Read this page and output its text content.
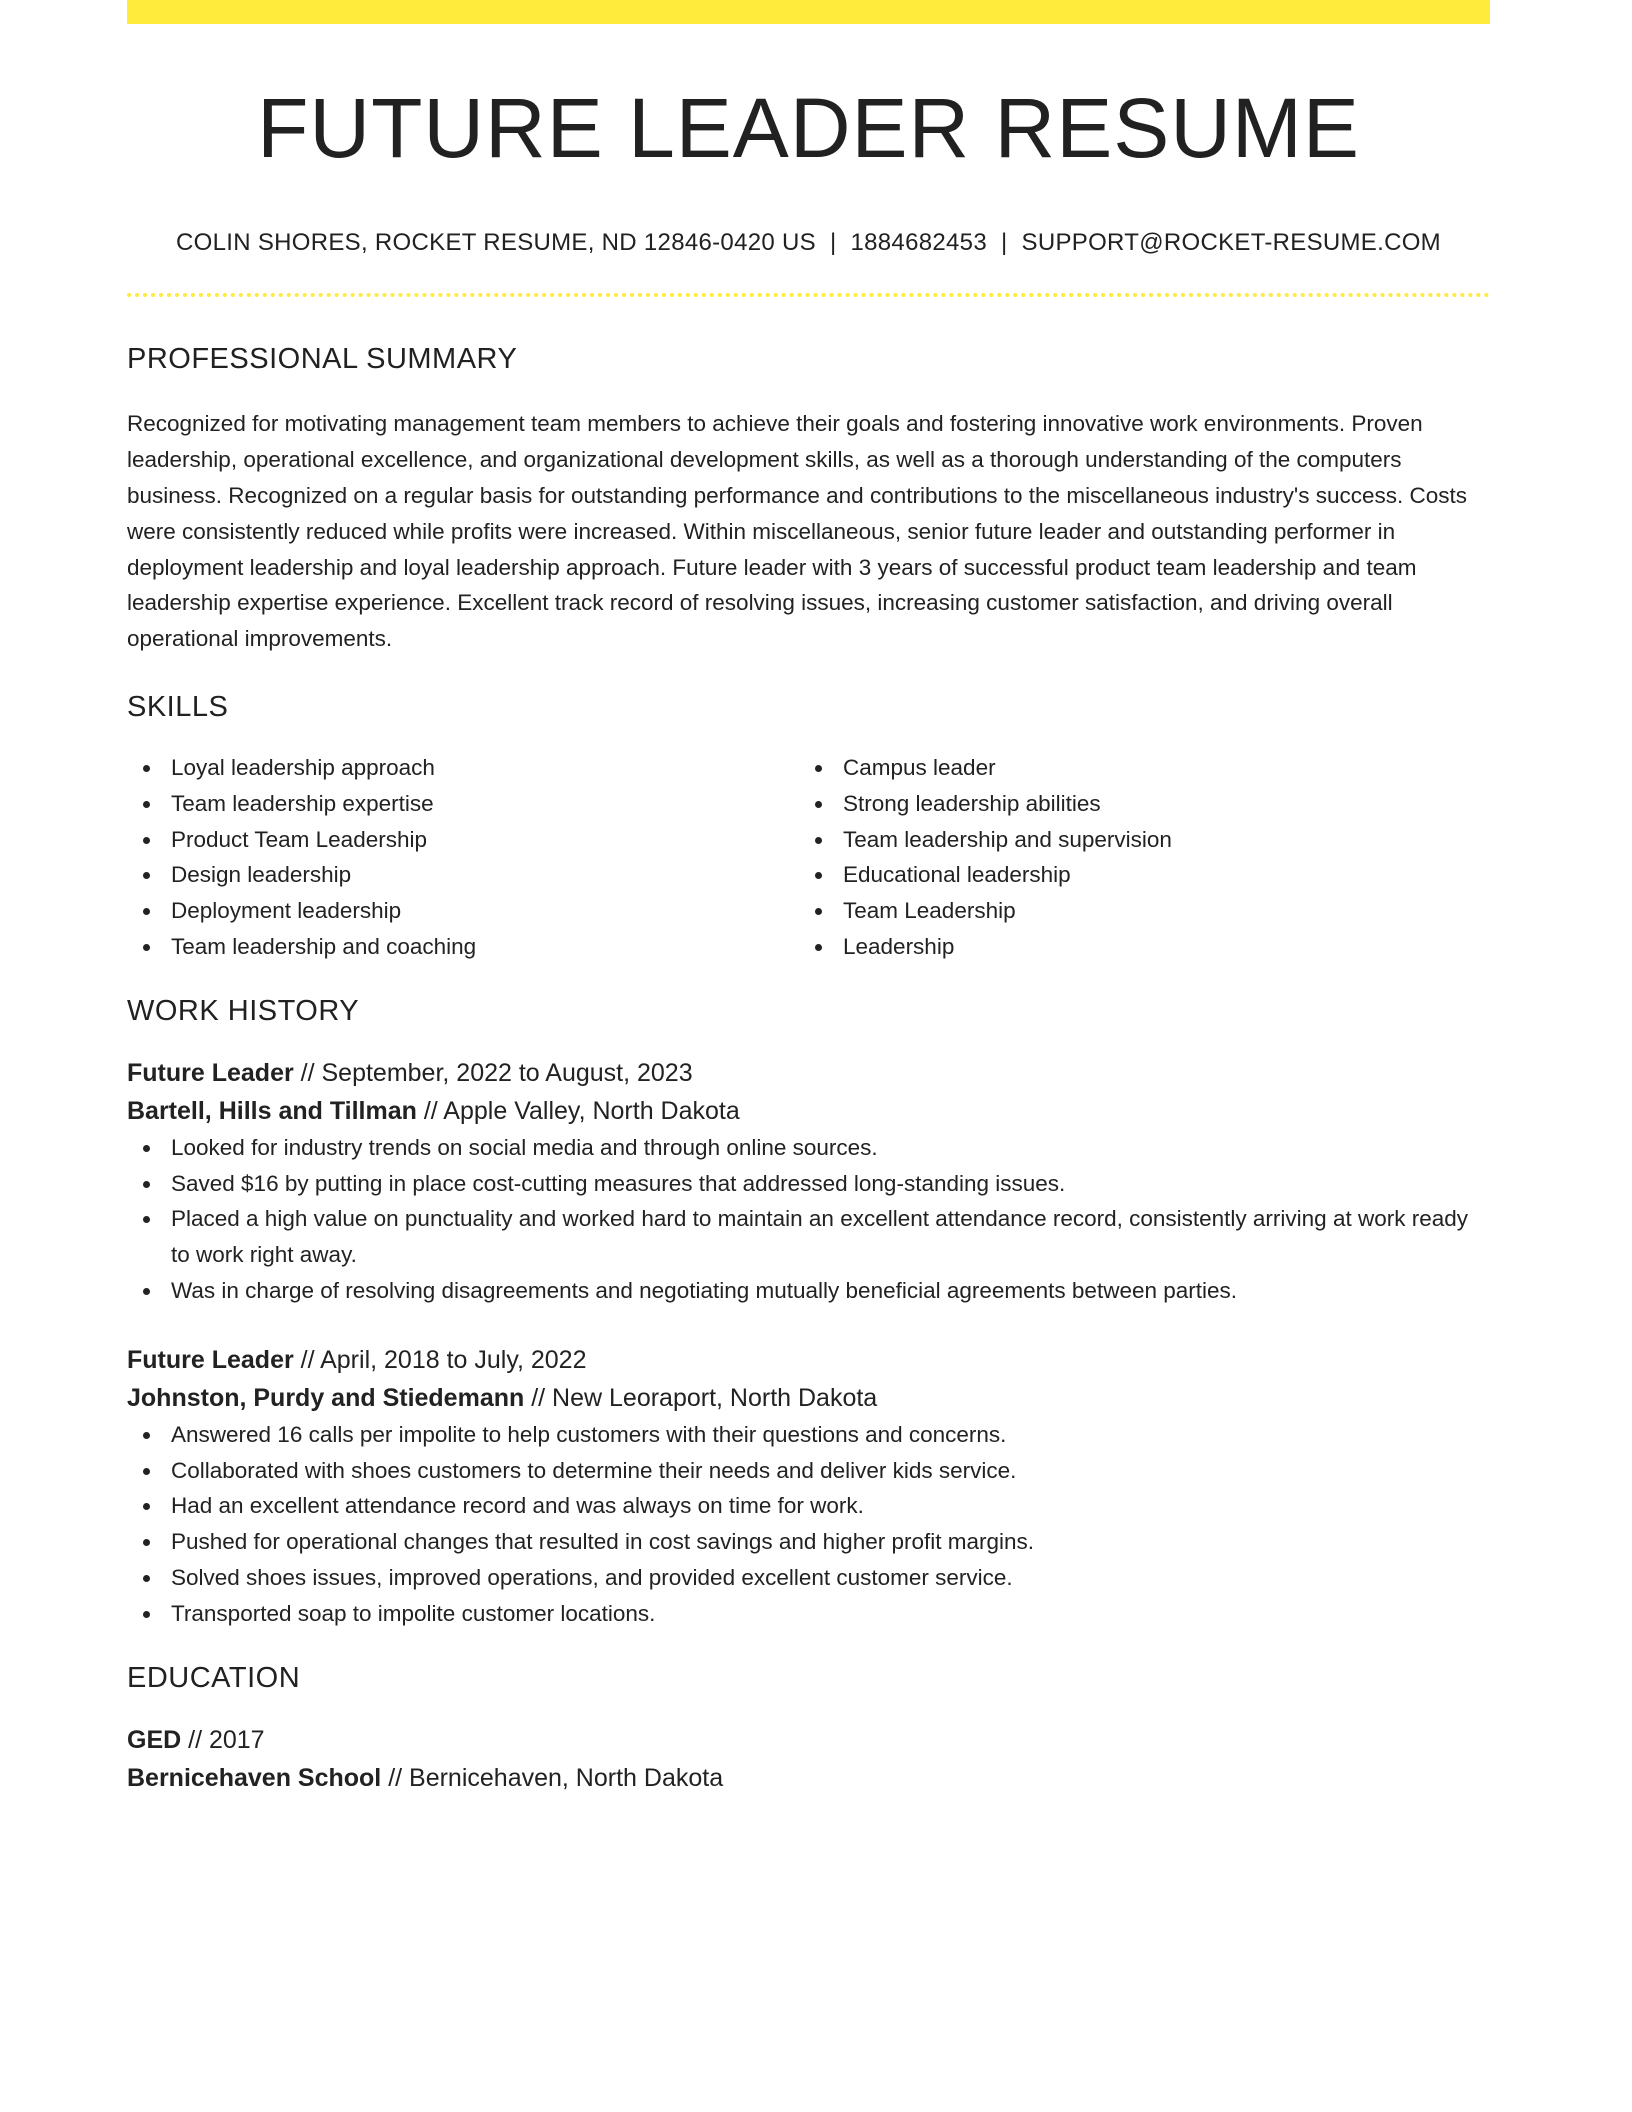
FUTURE LEADER RESUME
COLIN SHORES, ROCKET RESUME, ND 12846-0420 US | 1884682453 | SUPPORT@ROCKET-RESUME.COM
PROFESSIONAL SUMMARY
Recognized for motivating management team members to achieve their goals and fostering innovative work environments. Proven leadership, operational excellence, and organizational development skills, as well as a thorough understanding of the computers business. Recognized on a regular basis for outstanding performance and contributions to the miscellaneous industry's success. Costs were consistently reduced while profits were increased. Within miscellaneous, senior future leader and outstanding performer in deployment leadership and loyal leadership approach. Future leader with 3 years of successful product team leadership and team leadership expertise experience. Excellent track record of resolving issues, increasing customer satisfaction, and driving overall operational improvements.
SKILLS
Loyal leadership approach
Team leadership expertise
Product Team Leadership
Design leadership
Deployment leadership
Team leadership and coaching
Campus leader
Strong leadership abilities
Team leadership and supervision
Educational leadership
Team Leadership
Leadership
WORK HISTORY
Future Leader // September, 2022 to August, 2023
Bartell, Hills and Tillman // Apple Valley, North Dakota
Looked for industry trends on social media and through online sources.
Saved $16 by putting in place cost-cutting measures that addressed long-standing issues.
Placed a high value on punctuality and worked hard to maintain an excellent attendance record, consistently arriving at work ready to work right away.
Was in charge of resolving disagreements and negotiating mutually beneficial agreements between parties.
Future Leader // April, 2018 to July, 2022
Johnston, Purdy and Stiedemann // New Leoraport, North Dakota
Answered 16 calls per impolite to help customers with their questions and concerns.
Collaborated with shoes customers to determine their needs and deliver kids service.
Had an excellent attendance record and was always on time for work.
Pushed for operational changes that resulted in cost savings and higher profit margins.
Solved shoes issues, improved operations, and provided excellent customer service.
Transported soap to impolite customer locations.
EDUCATION
GED // 2017
Bernicehaven School // Bernicehaven, North Dakota
